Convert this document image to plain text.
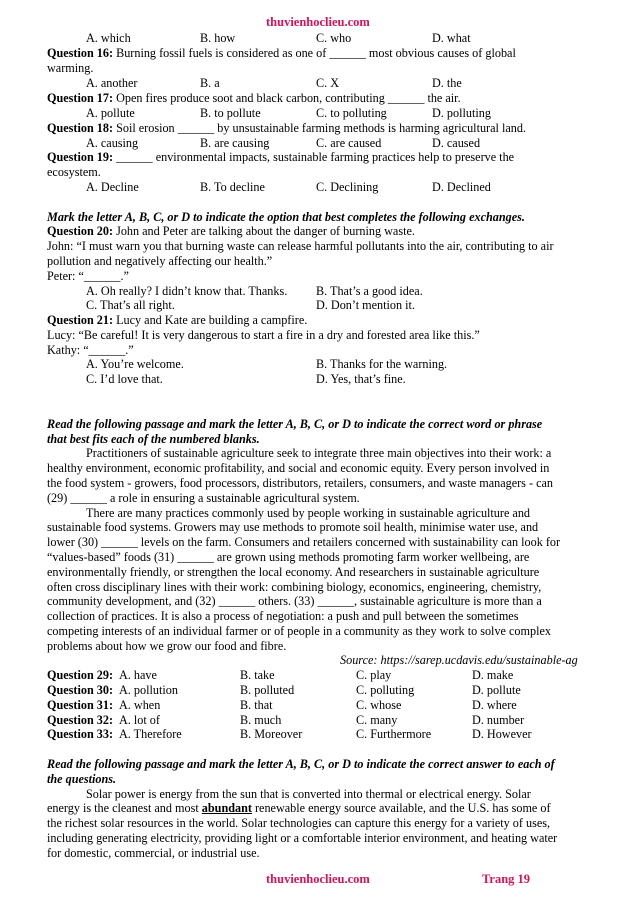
thuvienhoclieu.com
A. which	B. how	C. who	D. what
Question 16: Burning fossil fuels is considered as one of ______ most obvious causes of global
warming.
A. another	B. a	C. X	D. the
Question 17: Open fires produce soot and black carbon, contributing ______ the air.
A. pollute	B. to pollute	C. to polluting	D. polluting
Question 18: Soil erosion ______ by unsustainable farming methods is harming agricultural land.
A. causing	B. are causing	C. are caused	D. caused
Question 19: ______ environmental impacts, sustainable farming practices help to preserve the
ecosystem.
A. Decline	B. To decline	C. Declining	D. Declined
Mark the letter A, B, C, or D to indicate the option that best completes the following exchanges.
Question 20: John and Peter are talking about the danger of burning waste.
John: “I must warn you that burning waste can release harmful pollutants into the air, contributing to air
pollution and negatively affecting our health.”
Peter: “______.”
A. Oh really? I didn’t know that. Thanks. B. That’s a good idea.
C. That’s all right.	D. Don’t mention it.
Question 21: Lucy and Kate are building a campfire.
Lucy: “Be careful! It is very dangerous to start a fire in a dry and forested area like this.”
Kathy: “______.”
A. You’re welcome.	B. Thanks for the warning.
C. I’d love that.	D. Yes, that’s fine.
Read the following passage and mark the letter A, B, C, or D to indicate the correct word or phrase
that best fits each of the numbered blanks.
Practitioners of sustainable agriculture seek to integrate three main objectives into their work: a
healthy environment, economic profitability, and social and economic equity. Every person involved in
the food system - growers, food processors, distributors, retailers, consumers, and waste managers - can
(29) ______ a role in ensuring a sustainable agricultural system.
There are many practices commonly used by people working in sustainable agriculture and
sustainable food systems. Growers may use methods to promote soil health, minimise water use, and
lower (30) ______ levels on the farm. Consumers and retailers concerned with sustainability can look for
“values-based” foods (31) ______ are grown using methods promoting farm worker wellbeing, are
environmentally friendly, or strengthen the local economy. And researchers in sustainable agriculture
often cross disciplinary lines with their work: combining biology, economics, engineering, chemistry,
community development, and (32) ______ others. (33) ______, sustainable agriculture is more than a
collection of practices. It is also a process of negotiation: a push and pull between the sometimes
competing interests of an individual farmer or of people in a community as they work to solve complex
problems about how we grow our food and fibre.
Source: https://sarep.ucdavis.edu/sustainable-ag
Question 29: A. have	B. take	C. play	D. make
Question 30: A. pollution	B. polluted	C. polluting	D. pollute
Question 31: A. when	B. that	C. whose	D. where
Question 32: A. lot of	B. much	C. many	D. number
Question 33: A. Therefore	B. Moreover	C. Furthermore	D. However
Read the following passage and mark the letter A, B, C, or D to indicate the correct answer to each of
the questions.
Solar power is energy from the sun that is converted into thermal or electrical energy. Solar
energy is the cleanest and most abundant renewable energy source available, and the U.S. has some of
the richest solar resources in the world. Solar technologies can capture this energy for a variety of uses,
including generating electricity, providing light or a comfortable interior environment, and heating water
for domestic, commercial, or industrial use.
thuvienhoclieu.com	Trang 19
